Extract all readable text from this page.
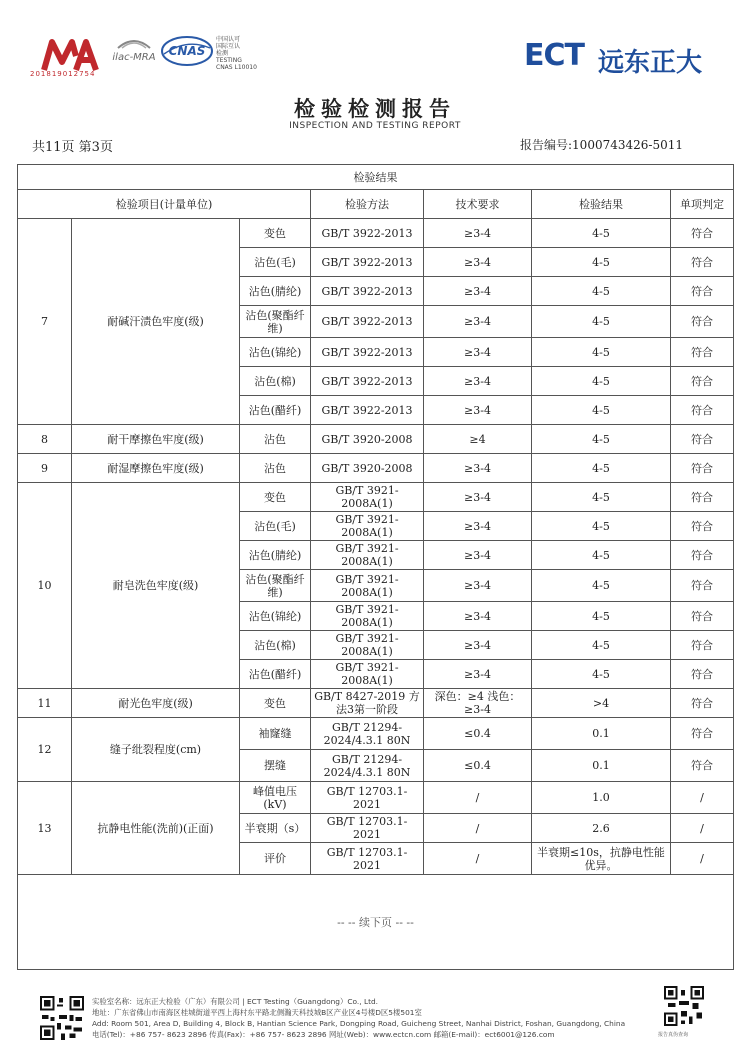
201819012754
ilac-MRA CNAS
中国认可
国际互认
检测
TESTING
CNAS L10010	ECT 远东正大
检验检测报告
INSPECTION AND TESTING REPORT
共11页 第3页	报告编号:1000743426-5011
检验结果						
检验项目(计量单位)			检验方法	技术要求	检验结果	单项判定
7	耐碱汗渍色牢度(级)	变色	GB/T 3922-2013	≥3-4	4-5	符合
		沾色(毛)	GB/T 3922-2013	≥3-4	4-5	符合
		沾色(腈纶)	GB/T 3922-2013	≥3-4	4-5	符合
		沾色(聚酯纤维)	GB/T 3922-2013	≥3-4	4-5	符合
		沾色(锦纶)	GB/T 3922-2013	≥3-4	4-5	符合
		沾色(棉)	GB/T 3922-2013	≥3-4	4-5	符合
		沾色(醋纤)	GB/T 3922-2013	≥3-4	4-5	符合
8	耐干摩擦色牢度(级)	沾色	GB/T 3920-2008	≥4	4-5	符合
9	耐湿摩擦色牢度(级)	沾色	GB/T 3920-2008	≥3-4	4-5	符合
10	耐皂洗色牢度(级)	变色	GB/T 3921-2008A(1)	≥3-4	4-5	符合
		沾色(毛)	GB/T 3921-2008A(1)	≥3-4	4-5	符合
		沾色(腈纶)	GB/T 3921-2008A(1)	≥3-4	4-5	符合
		沾色(聚酯纤维)	GB/T 3921-2008A(1)	≥3-4	4-5	符合
		沾色(锦纶)	GB/T 3921-2008A(1)	≥3-4	4-5	符合
		沾色(棉)	GB/T 3921-2008A(1)	≥3-4	4-5	符合
		沾色(醋纤)	GB/T 3921-2008A(1)	≥3-4	4-5	符合
11	耐光色牢度(级)	变色	GB/T 8427-2019 方法3第一阶段	深色：≥4 浅色：≥3-4	>4	符合
12	缝子纰裂程度(cm)	袖窿缝	GB/T 21294-2024/4.3.1 80N	≤0.4	0.1	符合
		摆缝	GB/T 21294-2024/4.3.1 80N	≤0.4	0.1	符合
13	抗静电性能(洗前)(正面)	峰值电压(kV)	GB/T 12703.1-2021	/	1.0	/
		半衰期（s）	GB/T 12703.1-2021	/	2.6	/
		评价	GB/T 12703.1-2021	/	半衰期≤10s，抗静电性能优异。	/
-- -- 续下页 -- --						
实验室名称：远东正大检验（广东）有限公司 | ECT Testing（Guangdong）Co., Ltd.
地址：广东省佛山市南海区桂城街道平西上海村东平路北侧瀚天科技城B区产业区4号楼D区5楼501室
Add: Room 501, Area D, Building 4, Block B, Hantian Science Park, Dongping Road, Guicheng Street, Nanhai District, Foshan, Guangdong, China
电话(Tel)：+86 757- 8623 2896 传真(Fax)：+86 757- 8623 2896 网址(Web)：www.ectcn.com 邮箱(E-mail)：ect6001@126.com	报告真伪查询
